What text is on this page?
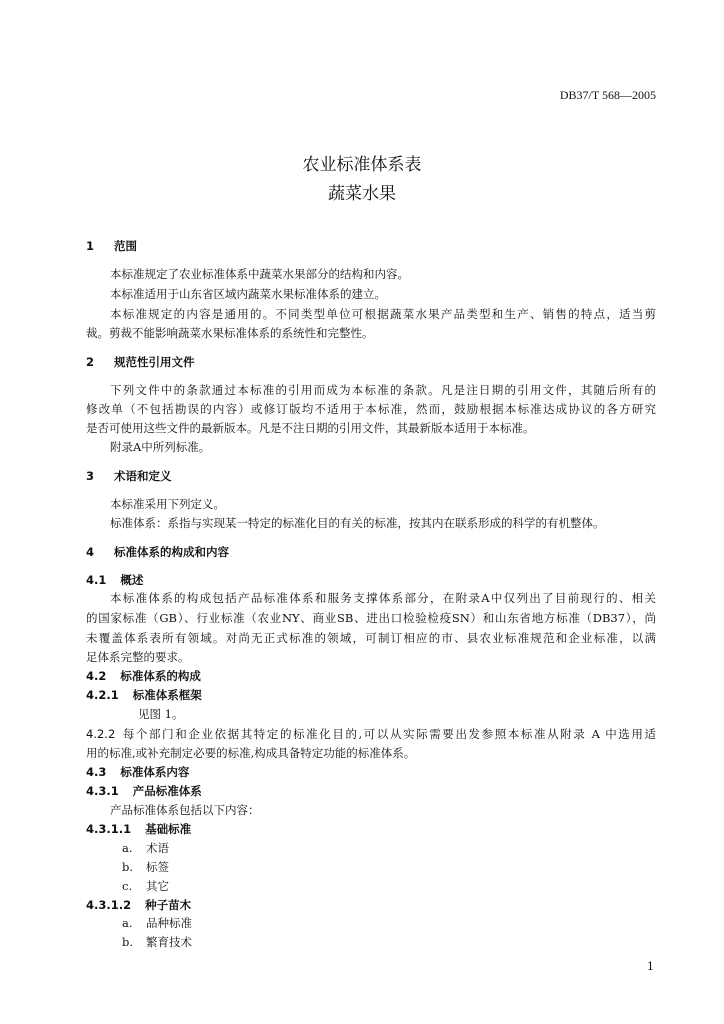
DB37/T 568—2005
农业标准体系表
蔬菜水果
1 范围
本标准规定了农业标准体系中蔬菜水果部分的结构和内容。
本标准适用于山东省区域内蔬菜水果标准体系的建立。
本标准规定的内容是通用的。不同类型单位可根据蔬菜水果产品类型和生产、销售的特点，适当剪
裁。剪裁不能影响蔬菜水果标准体系的系统性和完整性。
2 规范性引用文件
下列文件中的条款通过本标准的引用而成为本标准的条款。凡是注日期的引用文件，其随后所有的
修改单（不包括勘误的内容）或修订版均不适用于本标准，然而，鼓励根据本标准达成协议的各方研究
是否可使用这些文件的最新版本。凡是不注日期的引用文件，其最新版本适用于本标准。
附录A中所列标准。
3 术语和定义
本标准采用下列定义。
标准体系：系指与实现某一特定的标准化目的有关的标准，按其内在联系形成的科学的有机整体。
4 标准体系的构成和内容
4.1 概述
本标准体系的构成包括产品标准体系和服务支撑体系部分，在附录A中仅列出了目前现行的、相关
的国家标准（GB）、行业标准（农业NY、商业SB、进出口检验检疫SN）和山东省地方标准（DB37），尚
未覆盖体系表所有领域。对尚无正式标准的领域，可制订相应的市、县农业标准规范和企业标准，以满
足体系完整的要求。
4.2 标准体系的构成
4.2.1 标准体系框架
见图 1。
4.2.2 每个部门和企业依据其特定的标准化目的,可以从实际需要出发参照本标准从附录 A 中选用适
用的标准,或补充制定必要的标准,构成具备特定功能的标准体系。
4.3 标准体系内容
4.3.1 产品标准体系
产品标准体系包括以下内容：
4.3.1.1 基础标准
a. 术语
b. 标签
c. 其它
4.3.1.2 种子苗木
a. 品种标准
b. 繁育技术
1
